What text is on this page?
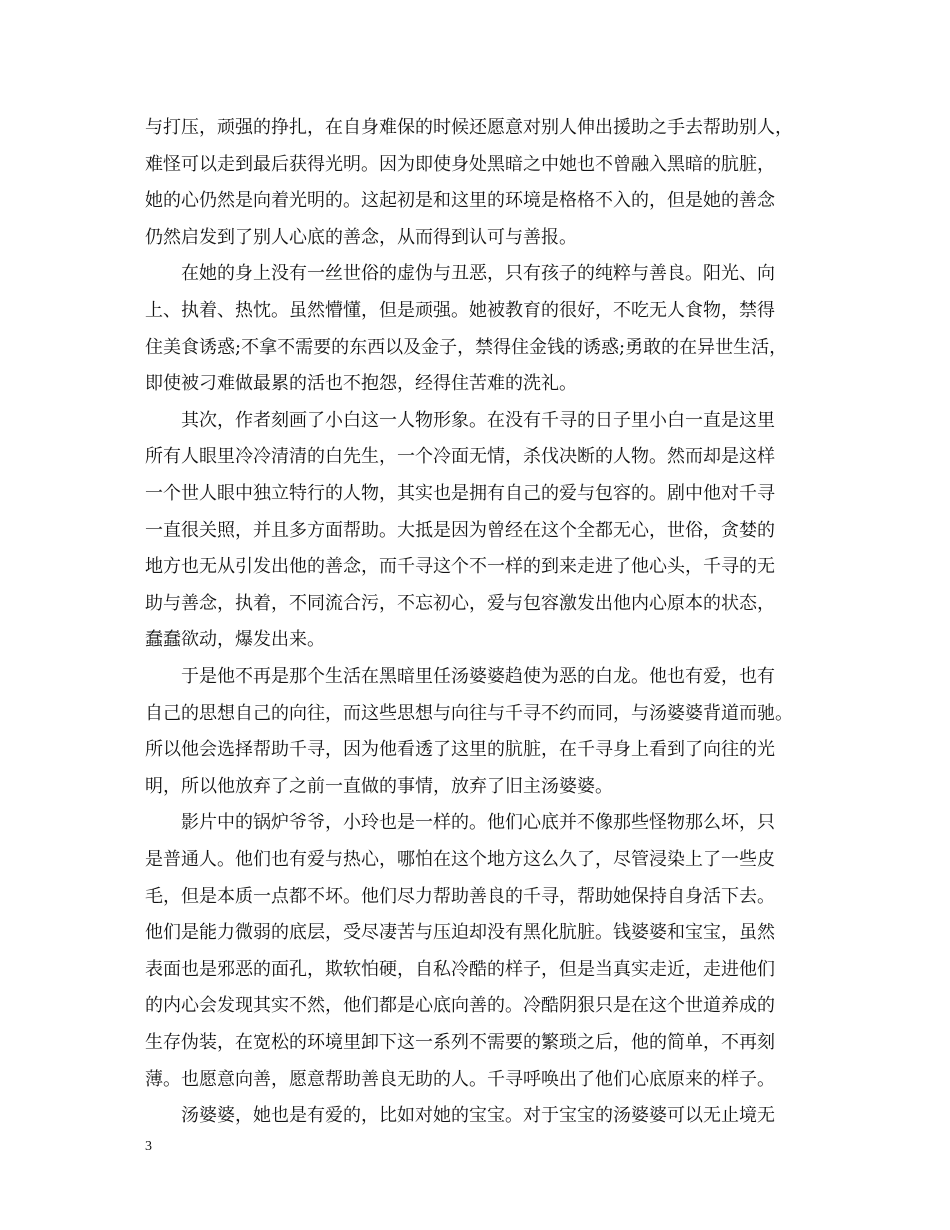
与打压，顽强的挣扎，在自身难保的时候还愿意对别人伸出援助之手去帮助别人，
难怪可以走到最后获得光明。因为即使身处黑暗之中她也不曾融入黑暗的肮脏，
她的心仍然是向着光明的。这起初是和这里的环境是格格不入的，但是她的善念
仍然启发到了别人心底的善念，从而得到认可与善报。
　　在她的身上没有一丝世俗的虚伪与丑恶，只有孩子的纯粹与善良。阳光、向
上、执着、热忱。虽然懵懂，但是顽强。她被教育的很好，不吃无人食物，禁得
住美食诱惑;不拿不需要的东西以及金子，禁得住金钱的诱惑;勇敢的在异世生活，
即使被刁难做最累的活也不抱怨，经得住苦难的洗礼。
　　其次，作者刻画了小白这一人物形象。在没有千寻的日子里小白一直是这里
所有人眼里冷冷清清的白先生，一个冷面无情，杀伐决断的人物。然而却是这样
一个世人眼中独立特行的人物，其实也是拥有自己的爱与包容的。剧中他对千寻
一直很关照，并且多方面帮助。大抵是因为曾经在这个全都无心，世俗，贪婪的
地方也无从引发出他的善念，而千寻这个不一样的到来走进了他心头，千寻的无
助与善念，执着，不同流合污，不忘初心，爱与包容激发出他内心原本的状态，
蠢蠢欲动，爆发出来。
　　于是他不再是那个生活在黑暗里任汤婆婆趋使为恶的白龙。他也有爱，也有
自己的思想自己的向往，而这些思想与向往与千寻不约而同，与汤婆婆背道而驰。
所以他会选择帮助千寻，因为他看透了这里的肮脏，在千寻身上看到了向往的光
明，所以他放弃了之前一直做的事情，放弃了旧主汤婆婆。
　　影片中的锅炉爷爷，小玲也是一样的。他们心底并不像那些怪物那么坏，只
是普通人。他们也有爱与热心，哪怕在这个地方这么久了，尽管浸染上了一些皮
毛，但是本质一点都不坏。他们尽力帮助善良的千寻，帮助她保持自身活下去。
他们是能力微弱的底层，受尽凄苦与压迫却没有黑化肮脏。钱婆婆和宝宝，虽然
表面也是邪恶的面孔，欺软怕硬，自私冷酷的样子，但是当真实走近，走进他们
的内心会发现其实不然，他们都是心底向善的。冷酷阴狠只是在这个世道养成的
生存伪装，在宽松的环境里卸下这一系列不需要的繁琐之后，他的简单，不再刻
薄。也愿意向善，愿意帮助善良无助的人。千寻呼唤出了他们心底原来的样子。
　　汤婆婆，她也是有爱的，比如对她的宝宝。对于宝宝的汤婆婆可以无止境无
3
